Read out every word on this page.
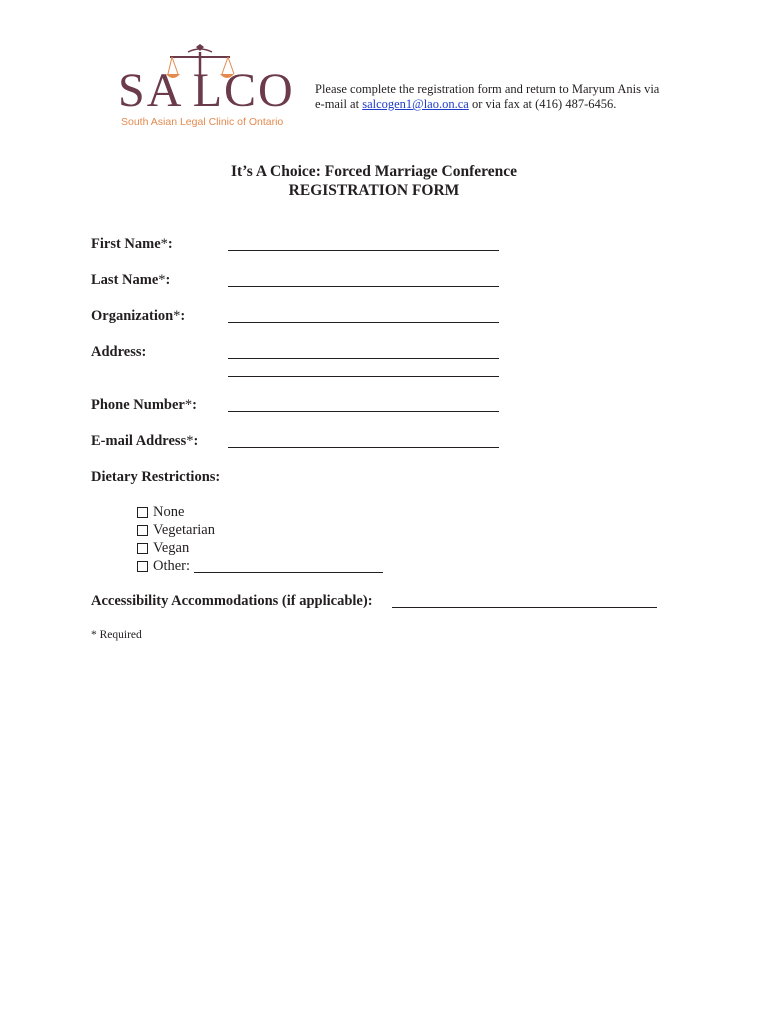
SA LCO
South Asian Legal Clinic of Ontario
Please complete the registration form and return to Maryum Anis via
e-mail at salcogen1@lao.on.ca or via fax at (416) 487-6456.
It’s A Choice: Forced Marriage Conference
REGISTRATION FORM
First Name*:
Last Name*:
Organization*:
Address:
Phone Number*:
E-mail Address*:
Dietary Restrictions:
None
Vegetarian
Vegan
Other:
Accessibility Accommodations (if applicable):
* Required
